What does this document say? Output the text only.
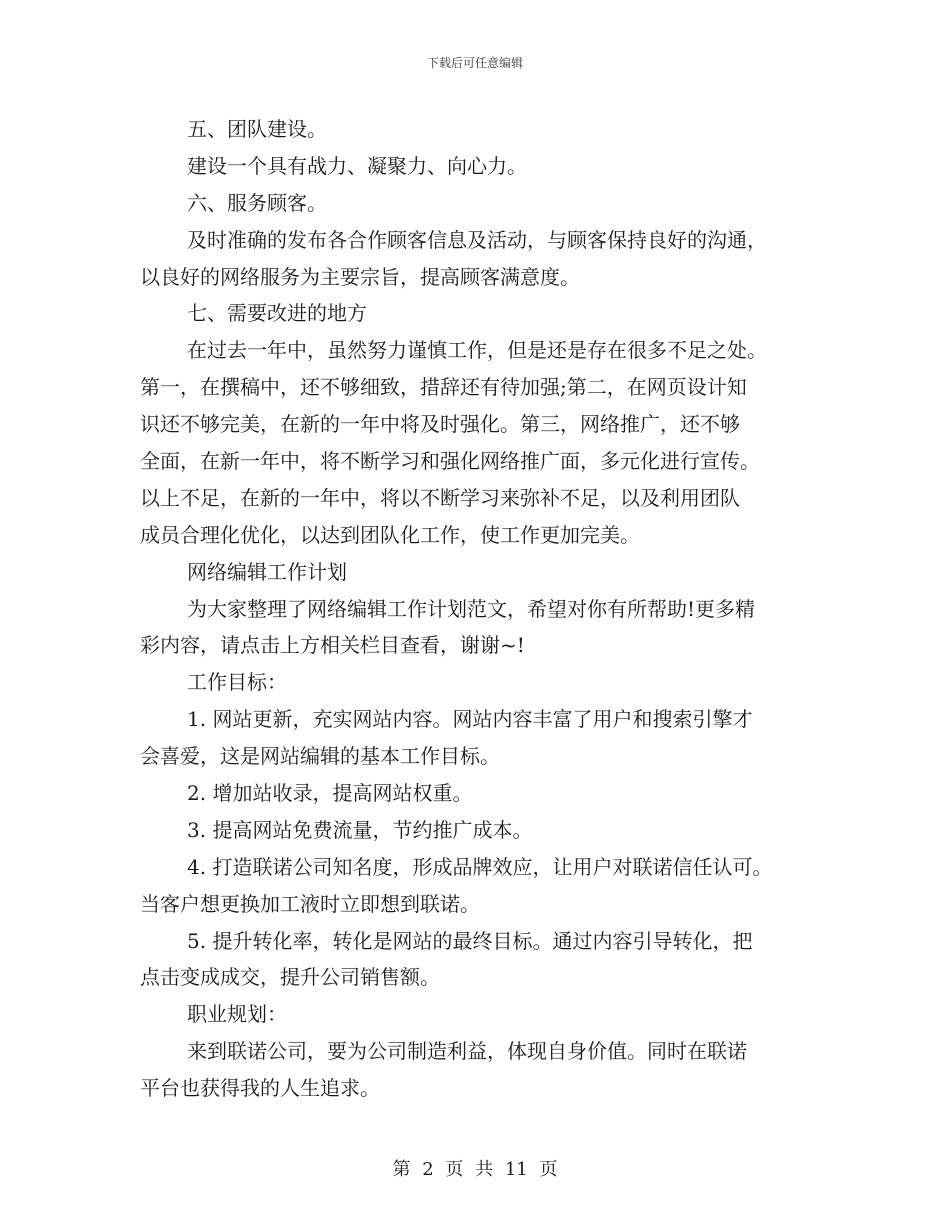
下载后可任意编辑
五、团队建设。
建设一个具有战力、凝聚力、向心力。
六、服务顾客。
及时准确的发布各合作顾客信息及活动，与顾客保持良好的沟通，
以良好的网络服务为主要宗旨，提高顾客满意度。
七、需要改进的地方
在过去一年中，虽然努力谨慎工作，但是还是存在很多不足之处。
第一，在撰稿中，还不够细致，措辞还有待加强;第二，在网页设计知
识还不够完美，在新的一年中将及时强化。第三，网络推广，还不够
全面，在新一年中，将不断学习和强化网络推广面，多元化进行宣传。
以上不足，在新的一年中，将以不断学习来弥补不足，以及利用团队
成员合理化优化，以达到团队化工作，使工作更加完美。
网络编辑工作计划
为大家整理了网络编辑工作计划范文，希望对你有所帮助!更多精
彩内容，请点击上方相关栏目查看，谢谢~!
工作目标：
1. 网站更新，充实网站内容。网站内容丰富了用户和搜索引擎才
会喜爱，这是网站编辑的基本工作目标。
2. 增加站收录，提高网站权重。
3. 提高网站免费流量，节约推广成本。
4. 打造联诺公司知名度，形成品牌效应，让用户对联诺信任认可。
当客户想更换加工液时立即想到联诺。
5. 提升转化率，转化是网站的最终目标。通过内容引导转化，把
点击变成成交，提升公司销售额。
职业规划：
来到联诺公司，要为公司制造利益，体现自身价值。同时在联诺
平台也获得我的人生追求。
第 2 页 共 11 页
